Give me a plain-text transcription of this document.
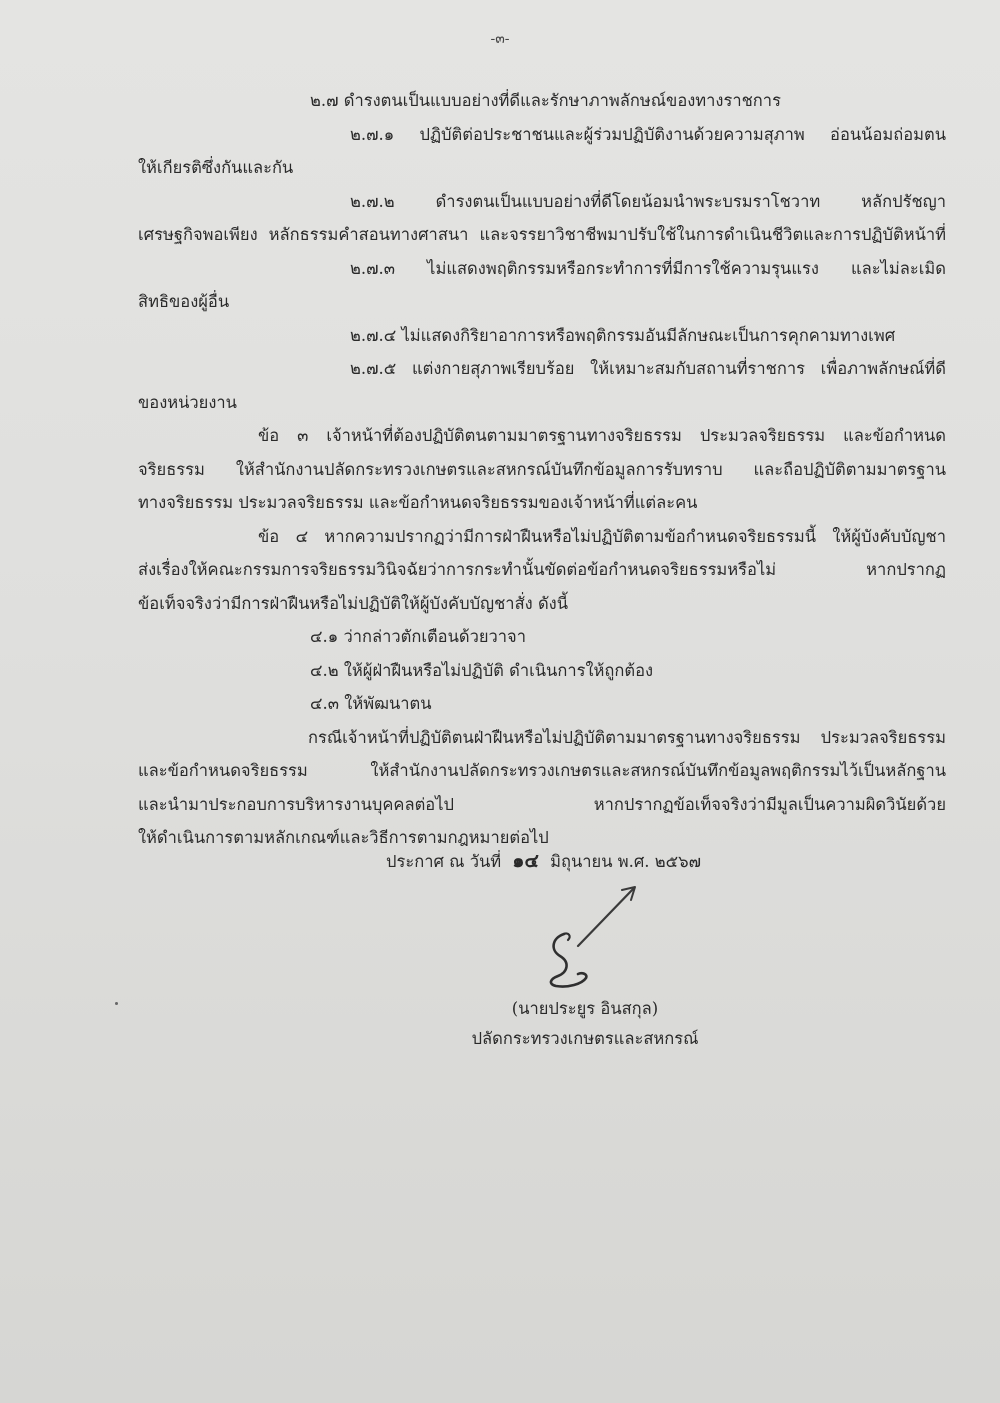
-๓-
๒.๗ ดำรงตนเป็นแบบอย่างที่ดีและรักษาภาพลักษณ์ของทางราชการ
๒.๗.๑ ปฏิบัติต่อประชาชนและผู้ร่วมปฏิบัติงานด้วยความสุภาพ อ่อนน้อมถ่อมตน
ให้เกียรติซึ่งกันและกัน
๒.๗.๒ ดำรงตนเป็นแบบอย่างที่ดีโดยน้อมนำพระบรมราโชวาท หลักปรัชญา
เศรษฐกิจพอเพียง หลักธรรมคำสอนทางศาสนา และจรรยาวิชาชีพมาปรับใช้ในการดำเนินชีวิตและการปฏิบัติหน้าที่
๒.๗.๓ ไม่แสดงพฤติกรรมหรือกระทำการที่มีการใช้ความรุนแรง และไม่ละเมิด
สิทธิของผู้อื่น
๒.๗.๔ ไม่แสดงกิริยาอาการหรือพฤติกรรมอันมีลักษณะเป็นการคุกคามทางเพศ
๒.๗.๕ แต่งกายสุภาพเรียบร้อย ให้เหมาะสมกับสถานที่ราชการ เพื่อภาพลักษณ์ที่ดี
ของหน่วยงาน
ข้อ ๓ เจ้าหน้าที่ต้องปฏิบัติตนตามมาตรฐานทางจริยธรรม ประมวลจริยธรรม และข้อกำหนด
จริยธรรม ให้สำนักงานปลัดกระทรวงเกษตรและสหกรณ์บันทึกข้อมูลการรับทราบ และถือปฏิบัติตามมาตรฐาน
ทางจริยธรรม ประมวลจริยธรรม และข้อกำหนดจริยธรรมของเจ้าหน้าที่แต่ละคน
ข้อ ๔ หากความปรากฏว่ามีการฝ่าฝืนหรือไม่ปฏิบัติตามข้อกำหนดจริยธรรมนี้ ให้ผู้บังคับบัญชา
ส่งเรื่องให้คณะกรรมการจริยธรรมวินิจฉัยว่าการกระทำนั้นขัดต่อข้อกำหนดจริยธรรมหรือไม่ หากปรากฏ
ข้อเท็จจริงว่ามีการฝ่าฝืนหรือไม่ปฏิบัติให้ผู้บังคับบัญชาสั่ง ดังนี้
๔.๑ ว่ากล่าวตักเตือนด้วยวาจา
๔.๒ ให้ผู้ฝ่าฝืนหรือไม่ปฏิบัติ ดำเนินการให้ถูกต้อง
๔.๓ ให้พัฒนาตน
กรณีเจ้าหน้าที่ปฏิบัติตนฝ่าฝืนหรือไม่ปฏิบัติตามมาตรฐานทางจริยธรรม ประมวลจริยธรรม
และข้อกำหนดจริยธรรม ให้สำนักงานปลัดกระทรวงเกษตรและสหกรณ์บันทึกข้อมูลพฤติกรรมไว้เป็นหลักฐาน
และนำมาประกอบการบริหารงานบุคคลต่อไป หากปรากฏข้อเท็จจริงว่ามีมูลเป็นความผิดวินัยด้วย
ให้ดำเนินการตามหลักเกณฑ์และวิธีการตามกฎหมายต่อไป
ประกาศ ณ วันที่ ๑๔ มิถุนายน พ.ศ. ๒๕๖๗
(นายประยูร อินสกุล)
ปลัดกระทรวงเกษตรและสหกรณ์
